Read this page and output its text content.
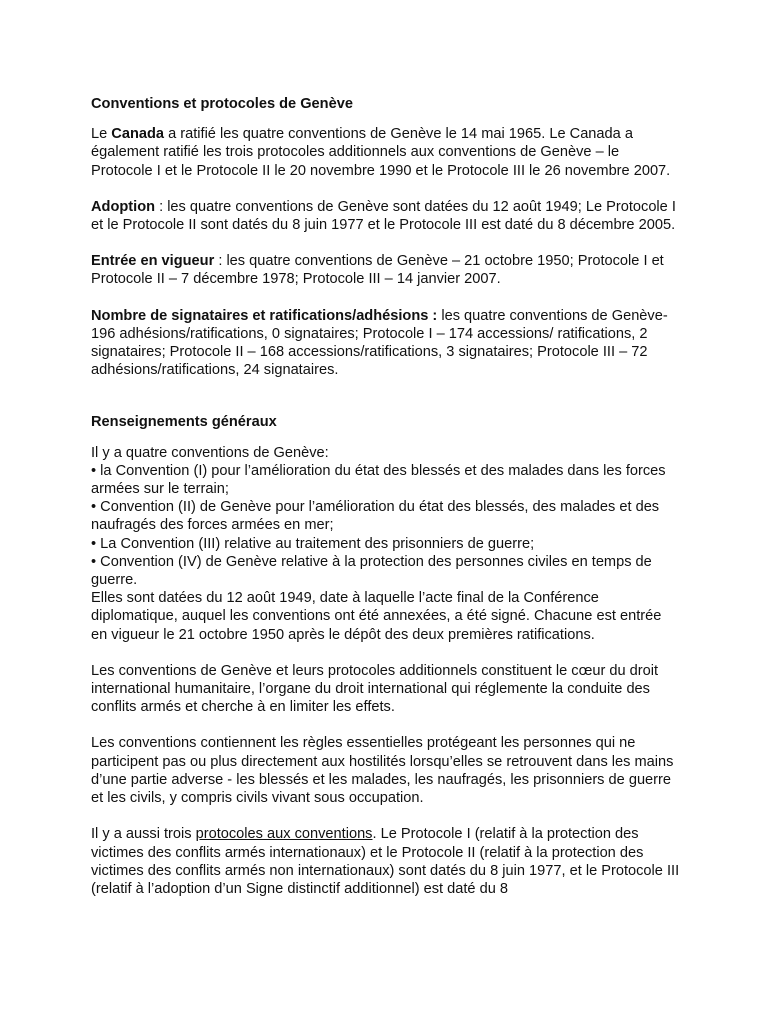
Conventions et protocoles de Genève

Le Canada a ratifié les quatre conventions de Genève le 14 mai 1965. Le Canada a également ratifié les trois protocoles additionnels aux conventions de Genève – le Protocole I et le Protocole II le 20 novembre 1990 et le Protocole III le 26 novembre 2007.

Adoption : les quatre conventions de Genève sont datées du 12 août 1949; Le Protocole I et le Protocole II sont datés du 8 juin 1977 et le Protocole III est daté du 8 décembre 2005.

Entrée en vigueur : les quatre conventions de Genève – 21 octobre 1950; Protocole I et Protocole II – 7 décembre 1978; Protocole III – 14 janvier 2007.

Nombre de signataires et ratifications/adhésions : les quatre conventions de Genève-196 adhésions/ratifications, 0 signataires; Protocole I – 174 accessions/ ratifications, 2 signataires; Protocole II – 168 accessions/ratifications, 3 signataires; Protocole III – 72 adhésions/ratifications, 24 signataires.

Renseignements généraux

Il y a quatre conventions de Genève:

• la Convention (I) pour l’amélioration du état des blessés et des malades dans les forces armées sur le terrain;
• Convention (II) de Genève pour l’amélioration du état des blessés, des malades et des naufragés des forces armées en mer;
• La Convention (III) relative au traitement des prisonniers de guerre;
• Convention (IV) de Genève relative à la protection des personnes civiles en temps de guerre.

Elles sont datées du 12 août 1949, date à laquelle l’acte final de la Conférence diplomatique, auquel les conventions ont été annexées, a été signé. Chacune est entrée en vigueur le 21 octobre 1950 après le dépôt des deux premières ratifications.

Les conventions de Genève et leurs protocoles additionnels constituent le cœur du droit international humanitaire, l’organe du droit international qui réglemente la conduite des conflits armés et cherche à en limiter les effets.

Les conventions contiennent les règles essentielles protégeant les personnes qui ne participent pas ou plus directement aux hostilités lorsqu’elles se retrouvent dans les mains d’une partie adverse - les blessés et les malades, les naufragés, les prisonniers de guerre et les civils, y compris civils vivant sous occupation.

Il y a aussi trois protocoles aux conventions. Le Protocole I (relatif à la protection des victimes des conflits armés internationaux) et le Protocole II (relatif à la protection des victimes des conflits armés non internationaux) sont datés du 8 juin 1977, et le Protocole III (relatif à l’adoption d’un Signe distinctif additionnel) est daté du 8
